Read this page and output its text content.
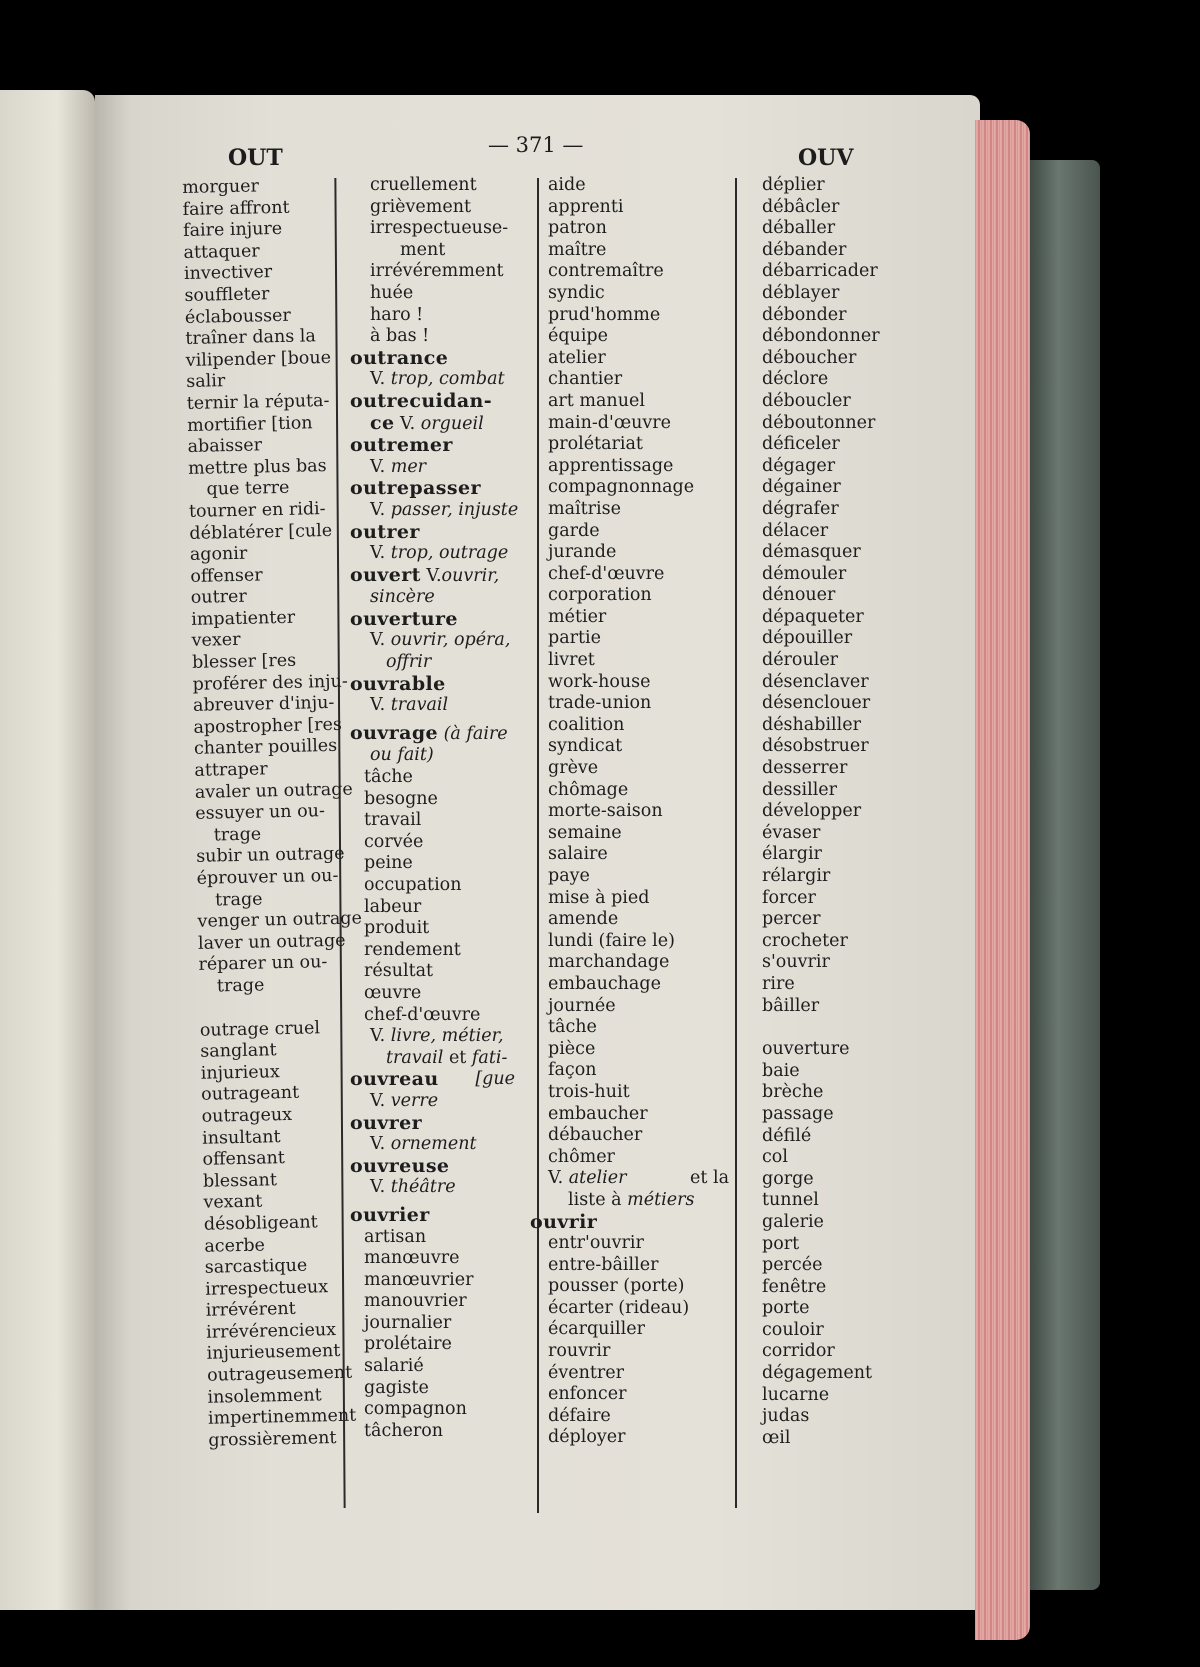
OUT	— 371 —	OUV
morguer
faire affront
faire injure
attaquer
invectiver
souffleter
éclabousser
traîner dans la
vilipender [boue
salir
ternir la réputa-
mortifier [tion
abaisser
mettre plus bas
que terre
tourner en ridi-
déblatérer [cule
agonir
offenser
outrer
impatienter
vexer
blesser [res
proférer des inju-
abreuver d'inju-
apostropher [res
chanter pouilles
attraper
avaler un outrage
essuyer un ou-
trage
subir un outrage
éprouver un ou-
trage
venger un outrage
laver un outrage
réparer un ou-
trage
outrage cruel
sanglant
injurieux
outrageant
outrageux
insultant
offensant
blessant
vexant
désobligeant
acerbe
sarcastique
irrespectueux
irrévérent
irrévérencieux
injurieusement
outrageusement
insolemment
impertinemment
grossièrement
cruellement
grièvement
irrespectueuse-
ment
irrévéremment
huée
haro !
à bas !
outrance
V. trop, combat
outrecuidan-
ce V. orgueil
outremer
V. mer
outrepasser
V. passer, injuste
outrer
V. trop, outrage
ouvert V.ouvrir,
sincère
ouverture
V. ouvrir, opéra,
offrir
ouvrable
V. travail
ouvrage (à faire
ou fait)
tâche
besogne
travail
corvée
peine
occupation
labeur
produit
rendement
résultat
œuvre
chef-d'œuvre
V. livre, métier,
travail et fati-
ouvreau [gue
V. verre
ouvrer
V. ornement
ouvreuse
V. théâtre
ouvrier
artisan
manœuvre
manœuvrier
manouvrier
journalier
prolétaire
salarié
gagiste
compagnon
tâcheron
aide
apprenti
patron
maître
contremaître
syndic
prud'homme
équipe
atelier
chantier
art manuel
main-d'œuvre
prolétariat
apprentissage
compagnonnage
maîtrise
garde
jurande
chef-d'œuvre
corporation
métier
partie
livret
work-house
trade-union
coalition
syndicat
grève
chômage
morte-saison
semaine
salaire
paye
mise à pied
amende
lundi (faire le)
marchandage
embauchage
journée
tâche
pièce
façon
trois-huit
embaucher
débaucher
chômer
V. atelier	et la
liste à métiers
ouvrir
entr'ouvrir
entre-bâiller
pousser (porte)
écarter (rideau)
écarquiller
rouvrir
éventrer
enfoncer
défaire
déployer
déplier
débâcler
déballer
débander
débarricader
déblayer
débonder
débondonner
déboucher
déclore
déboucler
déboutonner
déficeler
dégager
dégainer
dégrafer
délacer
démasquer
démouler
dénouer
dépaqueter
dépouiller
dérouler
désenclaver
désenclouer
déshabiller
désobstruer
desserrer
dessiller
développer
évaser
élargir
rélargir
forcer
percer
crocheter
s'ouvrir
rire
bâiller
ouverture
baie
brèche
passage
défilé
col
gorge
tunnel
galerie
port
percée
fenêtre
porte
couloir
corridor
dégagement
lucarne
judas
œil
